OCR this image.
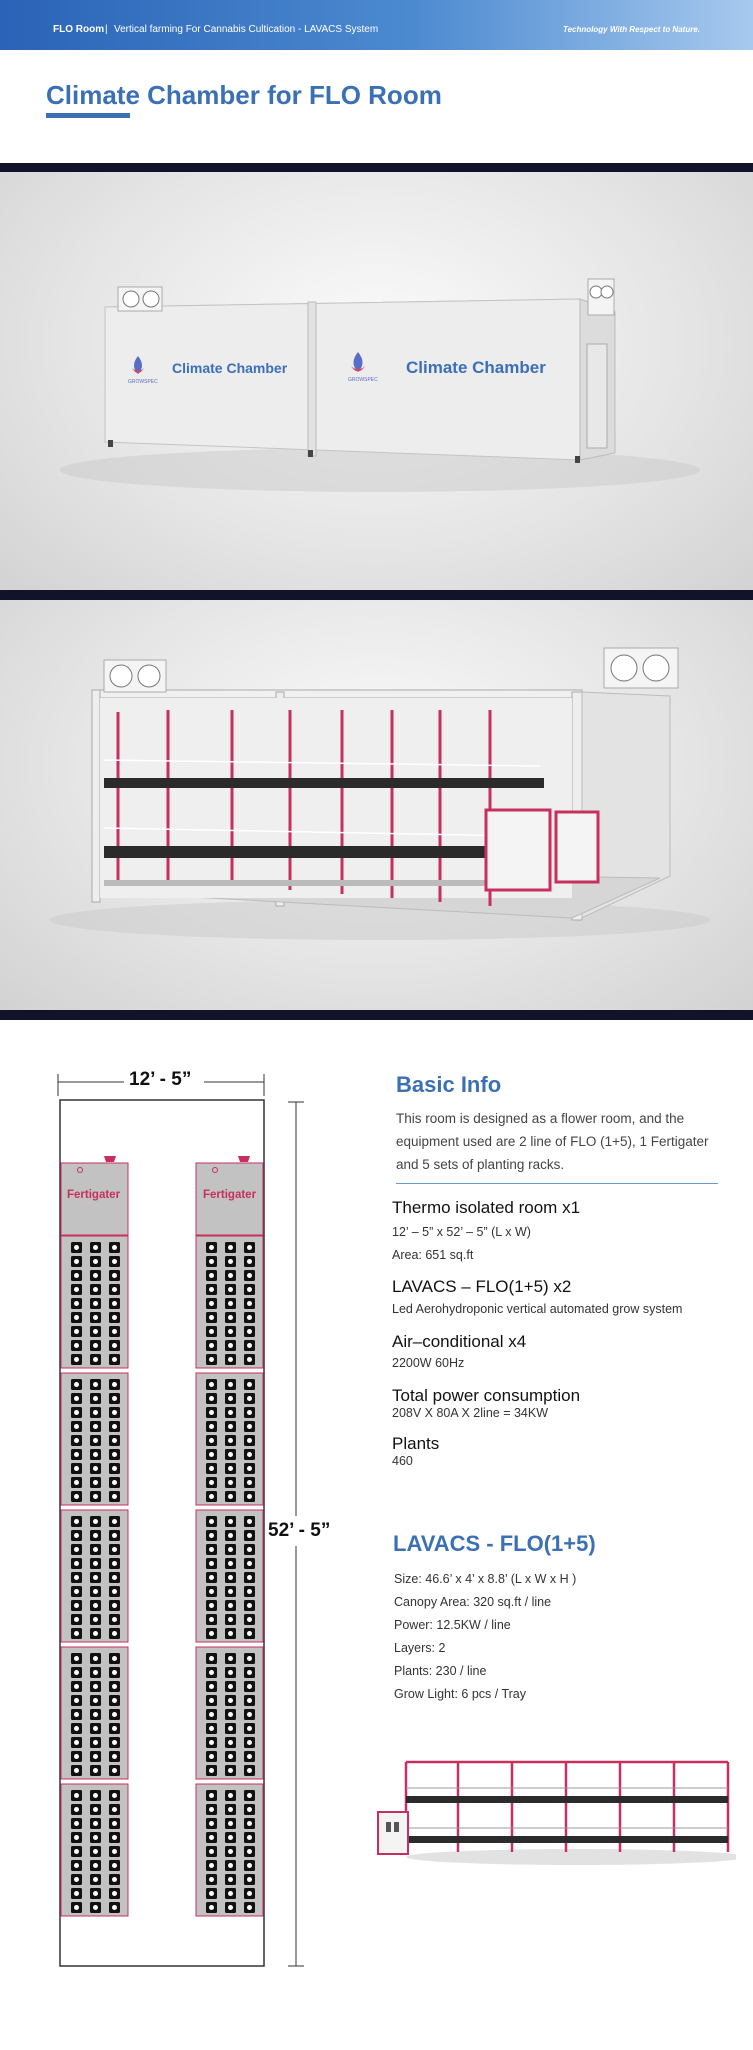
FLO Room | Vertical farming For Cannabis Cultication - LAVACS System	Technology With Respect to Nature.
Climate Chamber for FLO Room
GROWSPEC	GROWSPEC
Climate Chamber	Climate Chamber
12’ - 5”
52’ - 5”
Fertigater	Fertigater
Basic Info
This room is designed as a flower room, and the equipment used are 2 line of FLO (1+5), 1 Fertigater and 5 sets of planting racks.
Thermo isolated room x1
12’ – 5” x 52’ – 5” (L x W)
Area: 651 sq.ft
LAVACS – FLO(1+5) x2
Led Aerohydroponic vertical automated grow system
Air–conditional x4
2200W 60Hz
Total power consumption
208V X 80A X 2line = 34KW
Plants
460
LAVACS - FLO(1+5)
Size: 46.6’ x 4’ x 8.8’ (L x W x H )
Canopy Area: 320 sq.ft / line
Power: 12.5KW / line
Layers: 2
Plants: 230 / line
Grow Light: 6 pcs / Tray
